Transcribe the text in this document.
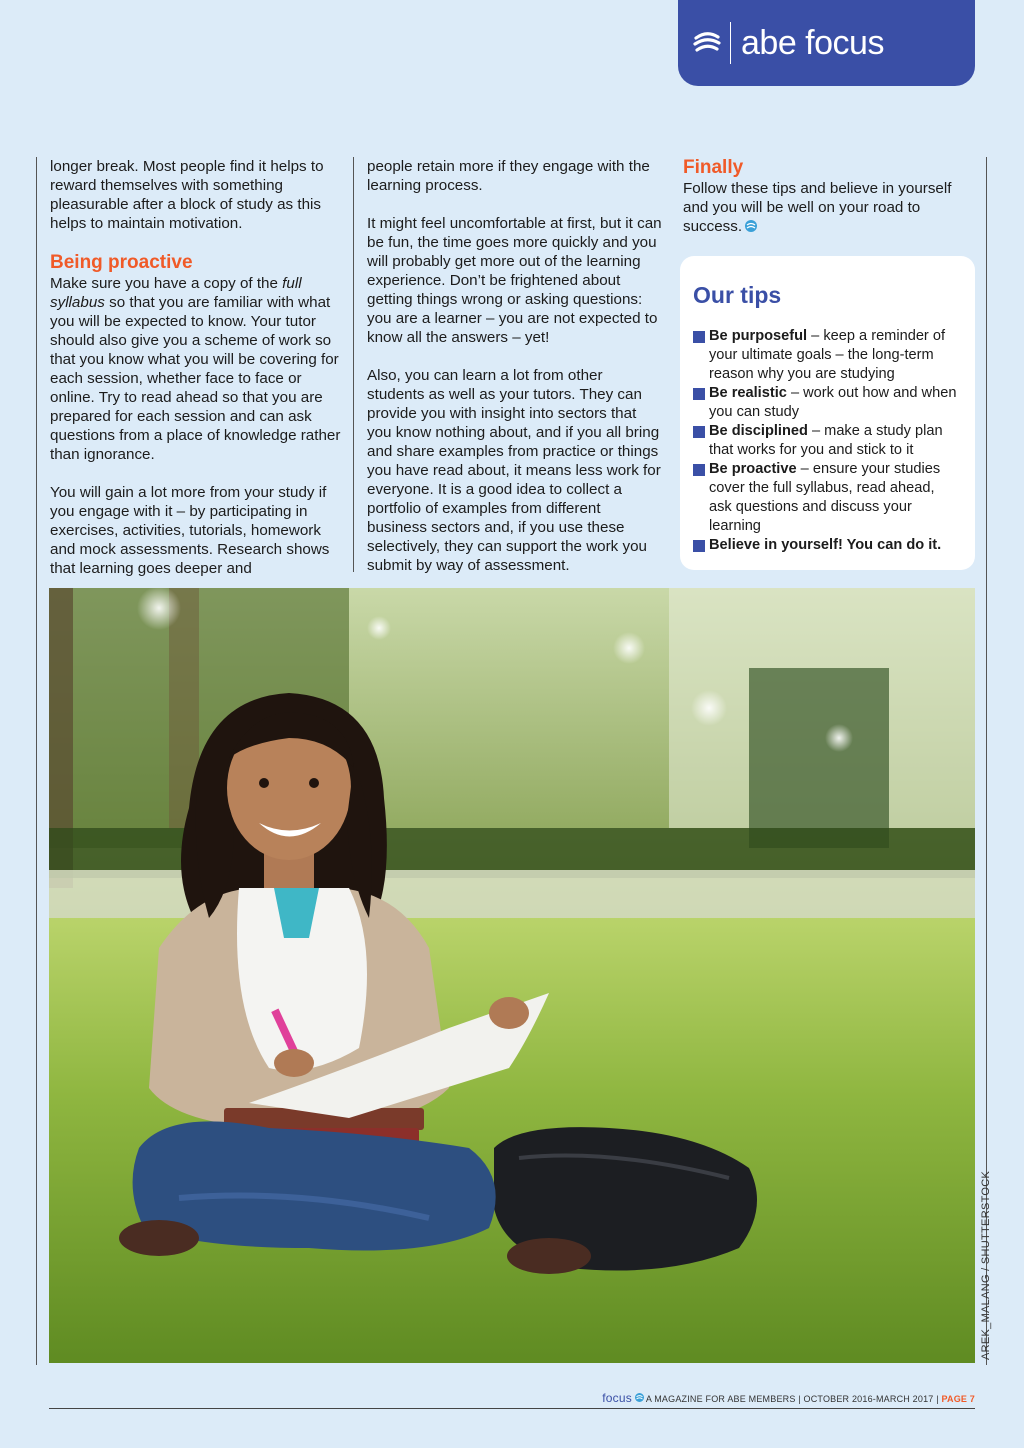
abe focus

longer break. Most people find it helps to reward themselves with something pleasurable after a block of study as this helps to maintain motivation.

Being proactive

Make sure you have a copy of the full syllabus so that you are familiar with what you will be expected to know. Your tutor should also give you a scheme of work so that you know what you will be covering for each session, whether face to face or online. Try to read ahead so that you are prepared for each session and can ask questions from a place of knowledge rather than ignorance.

You will gain a lot more from your study if you engage with it – by participating in exercises, activities, tutorials, homework and mock assessments. Research shows that learning goes deeper and

people retain more if they engage with the learning process.

It might feel uncomfortable at first, but it can be fun, the time goes more quickly and you will probably get more out of the learning experience. Don’t be frightened about getting things wrong or asking questions: you are a learner – you are not expected to know all the answers – yet!

Also, you can learn a lot from other students as well as your tutors. They can provide you with insight into sectors that you know nothing about, and if you all bring and share examples from practice or things you have read about, it means less work for everyone. It is a good idea to collect a portfolio of examples from different business sectors and, if you use these selectively, they can support the work you submit by way of assessment.

Finally

Follow these tips and believe in yourself and you will be well on your road to success.

Our tips
Be purposeful – keep a reminder of your ultimate goals – the long-term reason why you are studying
Be realistic – work out how and when you can study
Be disciplined – make a study plan that works for you and stick to it
Be proactive – ensure your studies cover the full syllabus, read ahead, ask questions and discuss your learning
Believe in yourself! You can do it.
AREK_MALANG / SHUTTERSTOCK
focus A MAGAZINE FOR ABE MEMBERS | OCTOBER 2016-MARCH 2017 | PAGE 7
